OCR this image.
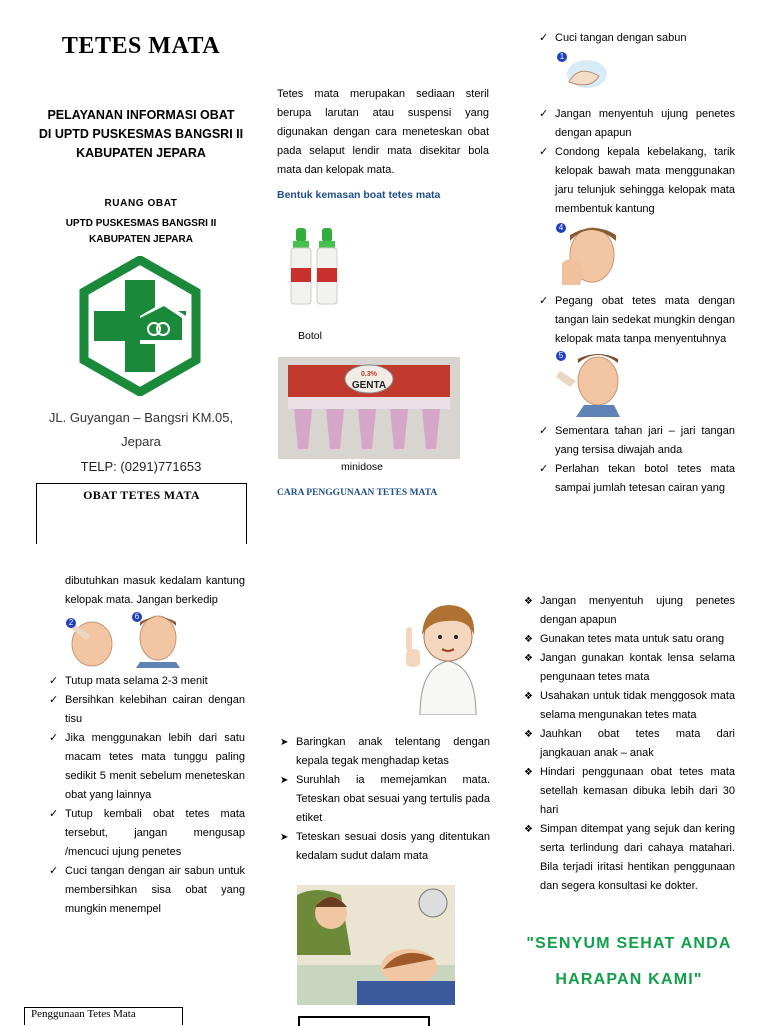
TETES MATA
PELAYANAN INFORMASI OBAT
DI UPTD PUSKESMAS BANGSRI II
KABUPATEN JEPARA
RUANG OBAT
UPTD PUSKESMAS BANGSRI II
KABUPATEN JEPARA
JL. Guyangan – Bangsri KM.05,
Jepara
TELP: (0291)771653
OBAT TETES MATA
Tetes mata merupakan sediaan steril berupa larutan atau suspensi yang digunakan dengan cara meneteskan obat pada selaput lendir mata disekitar bola mata dan kelopak mata.
Bentuk kemasan boat tetes mata
Botol
0.3%
GENTA
minidose
CARA PENGGUNAAN TETES MATA
✓ Cuci tangan dengan sabun
1
✓ Jangan menyentuh ujung penetes dengan apapun
✓ Condong kepala kebelakang, tarik kelopak bawah mata menggunakan jaru telunjuk sehingga kelopak mata membentuk kantung
4
✓ Pegang obat tetes mata dengan tangan lain sedekat mungkin dengan kelopak mata tanpa menyentuhnya
5
✓ Sementara tahan jari – jari tangan yang tersisa diwajah anda
✓ Perlahan tekan botol tetes mata sampai jumlah tetesan cairan yang
dibutuhkan masuk kedalam kantung kelopak mata. Jangan berkedip
2
6
✓ Tutup mata selama 2-3 menit
✓ Bersihkan kelebihan cairan dengan tisu
✓ Jika menggunakan lebih dari satu macam tetes mata tunggu paling sedikit 5 menit sebelum meneteskan obat yang lainnya
✓ Tutup kembali obat tetes mata tersebut, jangan mengusap /mencuci ujung penetes
✓ Cuci tangan dengan air sabun untuk membersihkan sisa obat yang mungkin menempel
Penggunaan Tetes Mata
➤ Baringkan anak telentang dengan kepala tegak menghadap ketas
➤ Suruhlah ia memejamkan mata. Teteskan obat sesuai yang tertulis pada etiket
➤ Teteskan sesuai dosis yang ditentukan kedalam sudut dalam mata
❖ Jangan menyentuh ujung penetes dengan apapun
❖ Gunakan tetes mata untuk satu orang
❖ Jangan gunakan kontak lensa selama pengunaan tetes mata
❖ Usahakan untuk tidak menggosok mata selama mengunakan tetes mata
❖ Jauhkan obat tetes mata dari jangkauan anak – anak
❖ Hindari penggunaan obat tetes mata setellah kemasan dibuka lebih dari 30 hari
❖ Simpan ditempat yang sejuk dan kering serta terlindung dari cahaya matahari. Bila terjadi iritasi hentikan penggunaan dan segera konsultasi ke dokter.
"SENYUM SEHAT ANDA
HARAPAN KAMI"
